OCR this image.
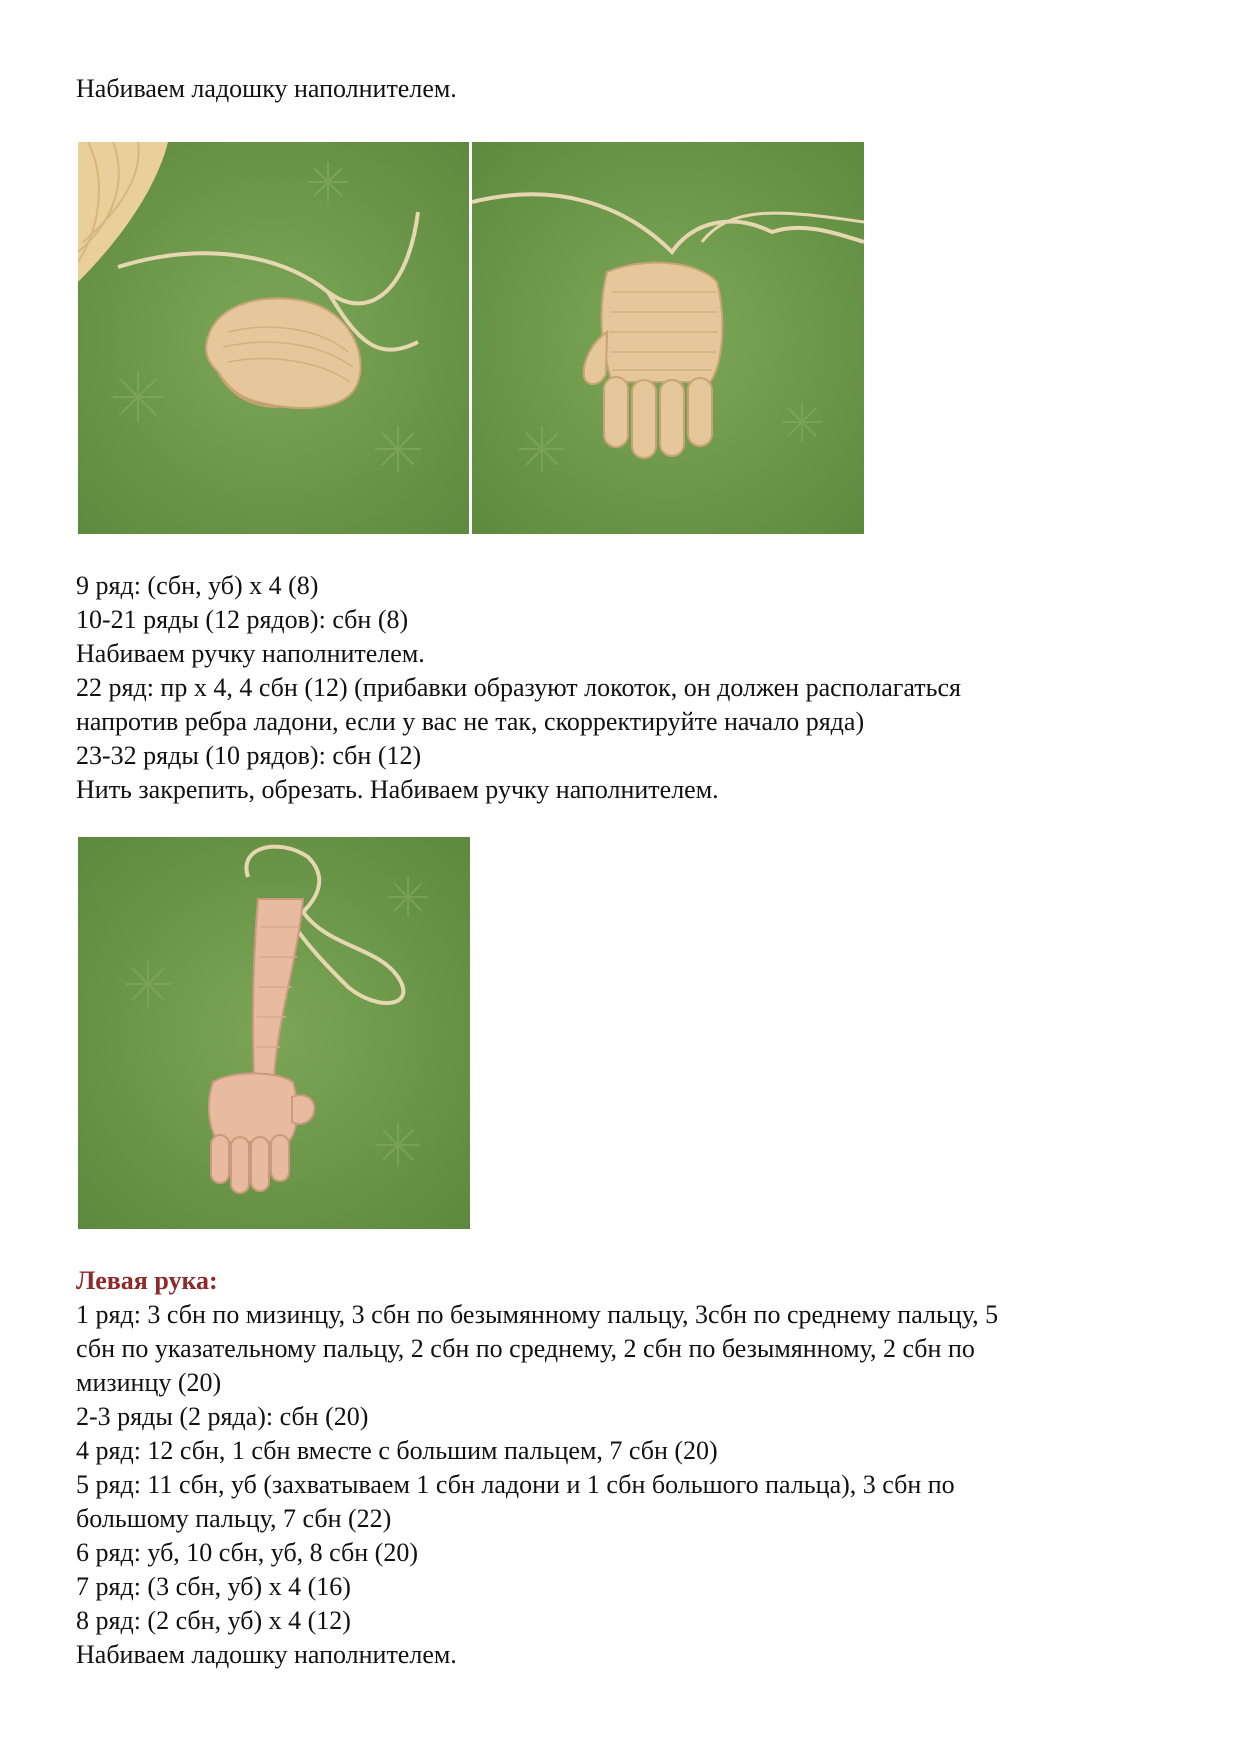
Набиваем ладошку наполнителем.
9 ряд: (сбн, уб) х 4 (8)
10-21 ряды (12 рядов): сбн (8)
Набиваем ручку наполнителем.
22 ряд: пр х 4, 4 сбн (12) (прибавки образуют локоток, он должен располагаться
напротив ребра ладони, если у вас не так, скорректируйте начало ряда)
23-32 ряды (10 рядов): сбн (12)
Нить закрепить, обрезать. Набиваем ручку наполнителем.
Левая рука:
1 ряд: 3 сбн по мизинцу, 3 сбн по безымянному пальцу, 3сбн по среднему пальцу, 5
сбн по указательному пальцу, 2 сбн по среднему, 2 сбн по безымянному, 2 сбн по
мизинцу (20)
2-3 ряды (2 ряда): сбн (20)
4 ряд: 12 сбн, 1 сбн вместе с большим пальцем, 7 сбн (20)
5 ряд: 11 сбн, уб (захватываем 1 сбн ладони и 1 сбн большого пальца), 3 сбн по
большому пальцу, 7 сбн (22)
6 ряд: уб, 10 сбн, уб, 8 сбн (20)
7 ряд: (3 сбн, уб) х 4 (16)
8 ряд: (2 сбн, уб) х 4 (12)
Набиваем ладошку наполнителем.
